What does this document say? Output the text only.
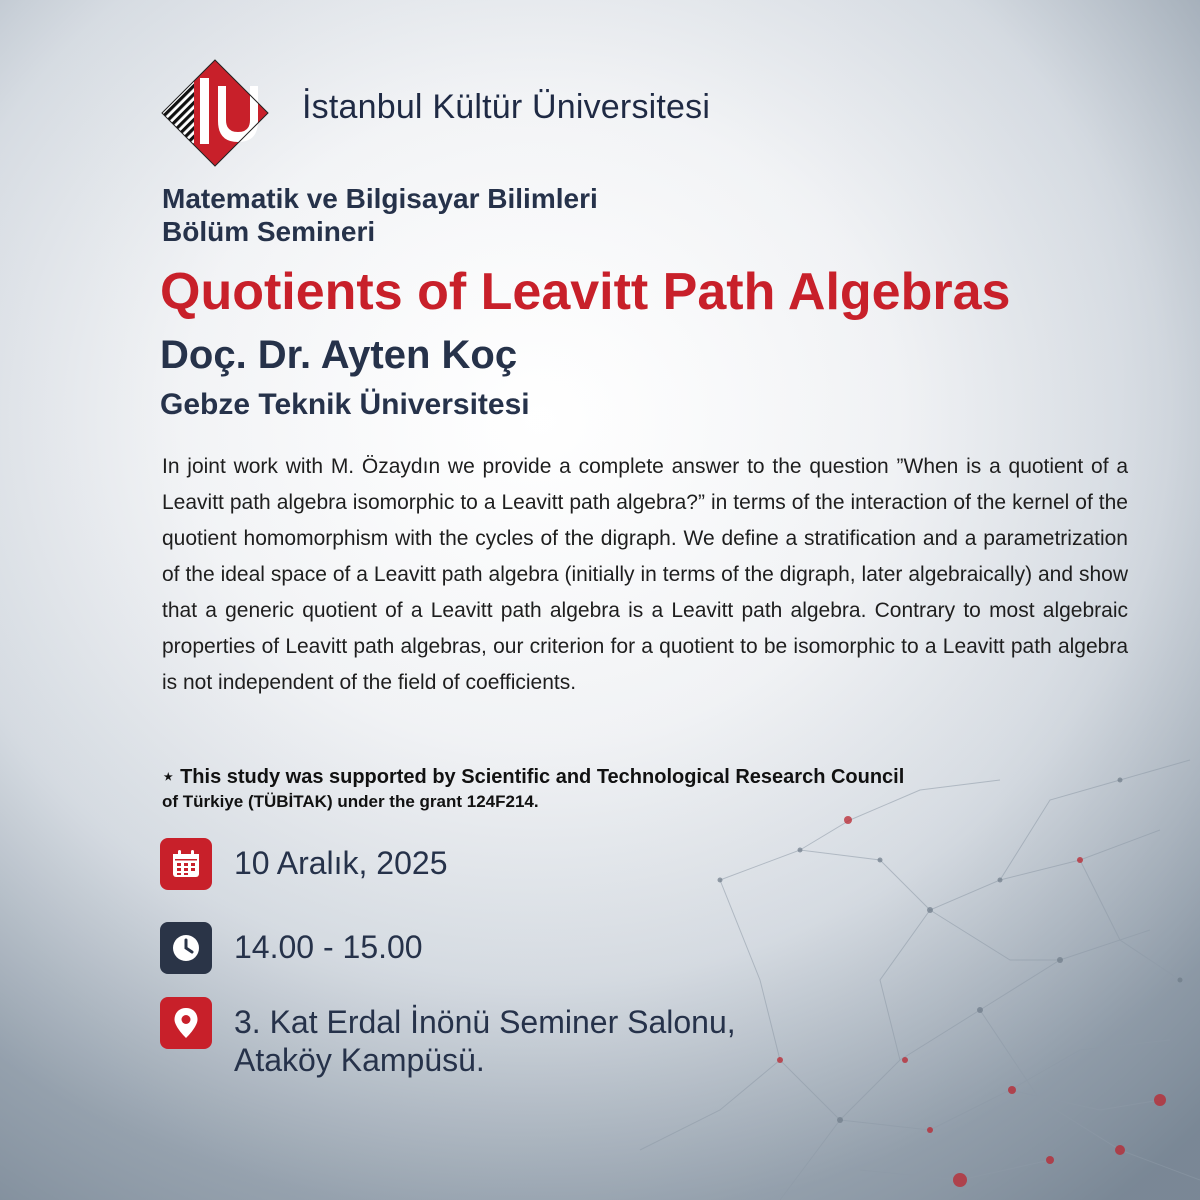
İstanbul Kültür Üniversitesi
Matematik ve Bilgisayar Bilimleri
Bölüm Semineri
Quotients of Leavitt Path Algebras
Doç. Dr. Ayten Koç
Gebze Teknik Üniversitesi
In joint work with M. Özaydın we provide a complete answer to the question ”When is a quotient of a Leavitt path algebra isomorphic to a Leavitt path algebra?” in terms of the interaction of the kernel of the quotient homomorphism with the cycles of the digraph. We define a stratification and a parametrization of the ideal space of a Leavitt path algebra (initially in terms of the digraph, later algebraically) and show that a generic quotient of a Leavitt path algebra is a Leavitt path algebra. Contrary to most algebraic properties of Leavitt path algebras, our criterion for a quotient to be isomorphic to a Leavitt path algebra is not independent of the field of coefficients.
⋆ This study was supported by Scientific and Technological Research Council
of Türkiye (TÜBİTAK) under the grant 124F214.
10 Aralık, 2025
14.00 - 15.00
3. Kat Erdal İnönü Seminer Salonu,
Ataköy Kampüsü.
